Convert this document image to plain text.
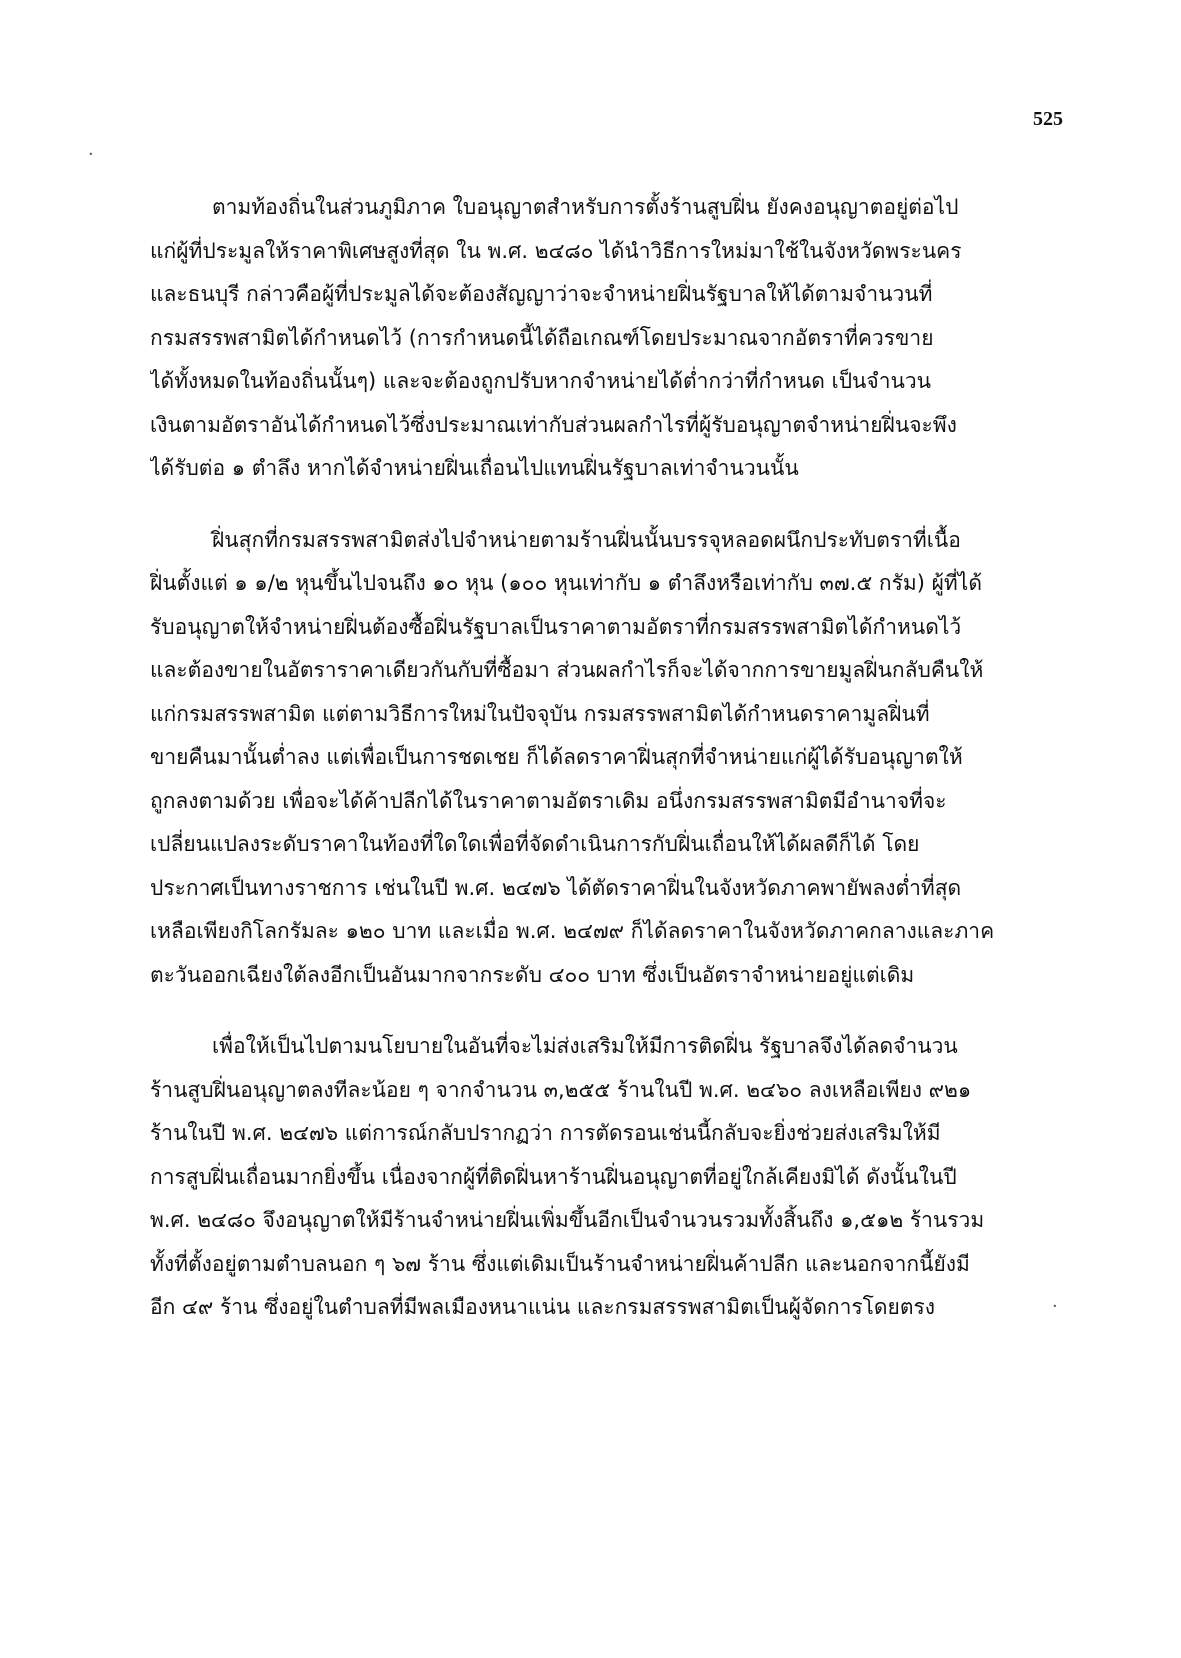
525
·
·
ตามท้องถิ่นในส่วนภูมิภาค ใบอนุญาตสำหรับการตั้งร้านสูบฝิ่น ยังคงอนุญาตอยู่ต่อไป
แก่ผู้ที่ประมูลให้ราคาพิเศษสูงที่สุด ใน พ.ศ. ๒๔๘๐ ได้นำวิธีการใหม่มาใช้ในจังหวัดพระนคร
และธนบุรี กล่าวคือผู้ที่ประมูลได้จะต้องสัญญาว่าจะจำหน่ายฝิ่นรัฐบาลให้ได้ตามจำนวนที่
กรมสรรพสามิตได้กำหนดไว้ (การกำหนดนี้ได้ถือเกณฑ์โดยประมาณจากอัตราที่ควรขาย
ได้ทั้งหมดในท้องถิ่นนั้นๆ) และจะต้องถูกปรับหากจำหน่ายได้ต่ำกว่าที่กำหนด เป็นจำนวน
เงินตามอัตราอันได้กำหนดไว้ซึ่งประมาณเท่ากับส่วนผลกำไรที่ผู้รับอนุญาตจำหน่ายฝิ่นจะพึง
ได้รับต่อ ๑ ตำลึง หากได้จำหน่ายฝิ่นเถื่อนไปแทนฝิ่นรัฐบาลเท่าจำนวนนั้น
ฝิ่นสุกที่กรมสรรพสามิตส่งไปจำหน่ายตามร้านฝิ่นนั้นบรรจุหลอดผนึกประทับตราที่เนื้อ
ฝิ่นตั้งแต่ ๑ ๑/๒ หุนขึ้นไปจนถึง ๑๐ หุน (๑๐๐ หุนเท่ากับ ๑ ตำลึงหรือเท่ากับ ๓๗.๕ กรัม) ผู้ที่ได้
รับอนุญาตให้จำหน่ายฝิ่นต้องซื้อฝิ่นรัฐบาลเป็นราคาตามอัตราที่กรมสรรพสามิตได้กำหนดไว้
และต้องขายในอัตราราคาเดียวกันกับที่ซื้อมา ส่วนผลกำไรก็จะได้จากการขายมูลฝิ่นกลับคืนให้
แก่กรมสรรพสามิต แต่ตามวิธีการใหม่ในปัจจุบัน กรมสรรพสามิตได้กำหนดราคามูลฝิ่นที่
ขายคืนมานั้นต่ำลง แต่เพื่อเป็นการชดเชย ก็ได้ลดราคาฝิ่นสุกที่จำหน่ายแก่ผู้ได้รับอนุญาตให้
ถูกลงตามด้วย เพื่อจะได้ค้าปลีกได้ในราคาตามอัตราเดิม อนึ่งกรมสรรพสามิตมีอำนาจที่จะ
เปลี่ยนแปลงระดับราคาในท้องที่ใดใดเพื่อที่จัดดำเนินการกับฝิ่นเถื่อนให้ได้ผลดีก็ได้ โดย
ประกาศเป็นทางราชการ เช่นในปี พ.ศ. ๒๔๗๖ ได้ตัดราคาฝิ่นในจังหวัดภาคพายัพลงต่ำที่สุด
เหลือเพียงกิโลกรัมละ ๑๒๐ บาท และเมื่อ พ.ศ. ๒๔๗๙ ก็ได้ลดราคาในจังหวัดภาคกลางและภาค
ตะวันออกเฉียงใต้ลงอีกเป็นอันมากจากระดับ ๔๐๐ บาท ซึ่งเป็นอัตราจำหน่ายอยู่แต่เดิม
เพื่อให้เป็นไปตามนโยบายในอันที่จะไม่ส่งเสริมให้มีการติดฝิ่น รัฐบาลจึงได้ลดจำนวน
ร้านสูบฝิ่นอนุญาตลงทีละน้อย ๆ จากจำนวน ๓,๒๕๕ ร้านในปี พ.ศ. ๒๔๖๐ ลงเหลือเพียง ๙๒๑
ร้านในปี พ.ศ. ๒๔๗๖ แต่การณ์กลับปรากฏว่า การตัดรอนเช่นนี้กลับจะยิ่งช่วยส่งเสริมให้มี
การสูบฝิ่นเถื่อนมากยิ่งขึ้น เนื่องจากผู้ที่ติดฝิ่นหาร้านฝิ่นอนุญาตที่อยู่ใกล้เคียงมิได้ ดังนั้นในปี
พ.ศ. ๒๔๘๐ จึงอนุญาตให้มีร้านจำหน่ายฝิ่นเพิ่มขึ้นอีกเป็นจำนวนรวมทั้งสิ้นถึง ๑,๕๑๒ ร้านรวม
ทั้งที่ตั้งอยู่ตามตำบลนอก ๆ ๖๗ ร้าน ซึ่งแต่เดิมเป็นร้านจำหน่ายฝิ่นค้าปลีก และนอกจากนี้ยังมี
อีก ๔๙ ร้าน ซึ่งอยู่ในตำบลที่มีพลเมืองหนาแน่น และกรมสรรพสามิตเป็นผู้จัดการโดยตรง
